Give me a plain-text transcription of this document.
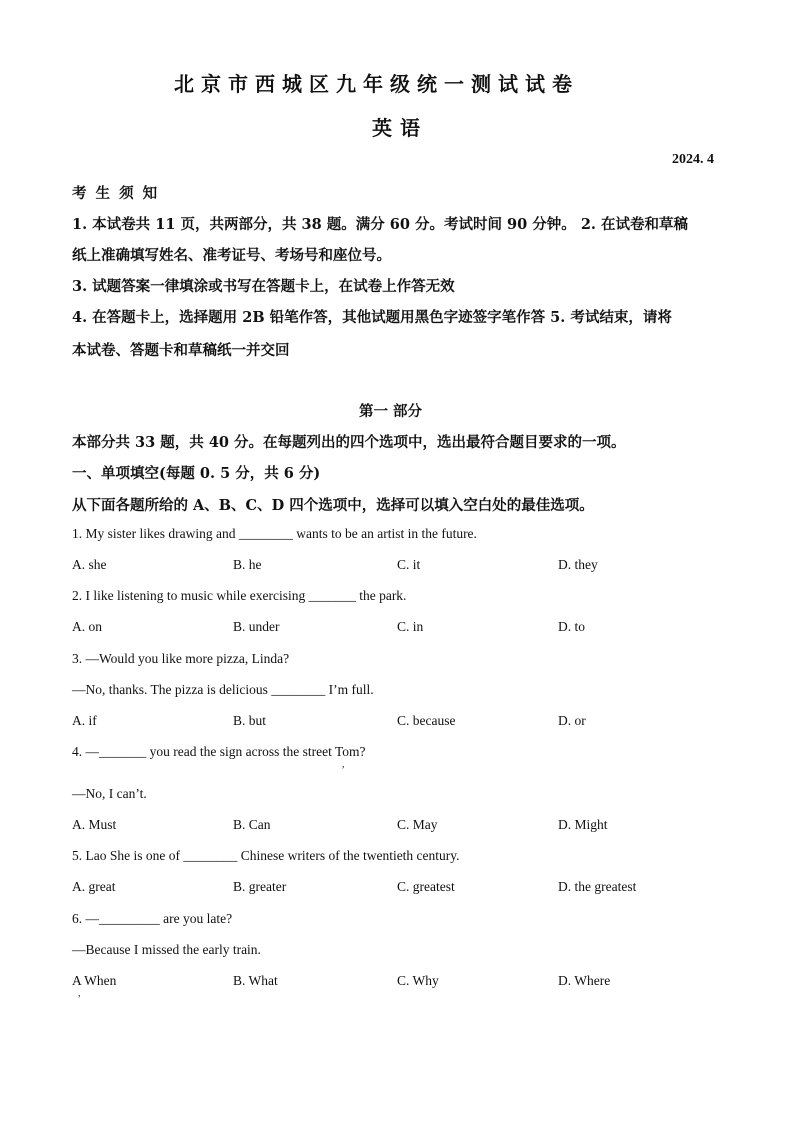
北京市西城区九年级统一测试试卷
英语
2024. 4
考 生 须 知
1. 本试卷共 11 页，共两部分，共 38 题。满分 60 分。考试时间 90 分钟。 2. 在试卷和草稿
纸上准确填写姓名、准考证号、考场号和座位号。
3. 试题答案一律填涂或书写在答题卡上，在试卷上作答无效
4. 在答题卡上，选择题用 2B 铅笔作答，其他试题用黑色字迹签字笔作答 5. 考试结束，请将
本试卷、答题卡和草稿纸一并交回
第一 部分
本部分共 33 题，共 40 分。在每题列出的四个选项中，选出最符合题目要求的一项。
一、单项填空(每题 0. 5 分，共 6 分)
从下面各题所给的 A、B、C、D 四个选项中，选择可以填入空白处的最佳选项。
1. My sister likes drawing and ________ wants to be an artist in the future.
A. she	B. he	C. it	D. they
2. I like listening to music while exercising _______ the park.
A. on	B. under	C. in	D. to
3. —Would you like more pizza, Linda?
—No, thanks. The pizza is delicious ________ I’m full.
A. if	B. but	C. because	D. or
4. —_______ you read the sign across the street Tom?
,
—No, I can’t.
A. Must	B. Can	C. May	D. Might
5. Lao She is one of ________ Chinese writers of the twentieth century.
A. great	B. greater	C. greatest	D. the greatest
6. —_________ are you late?
—Because I missed the early train.
A When
,
B. What	C. Why	D. Where
